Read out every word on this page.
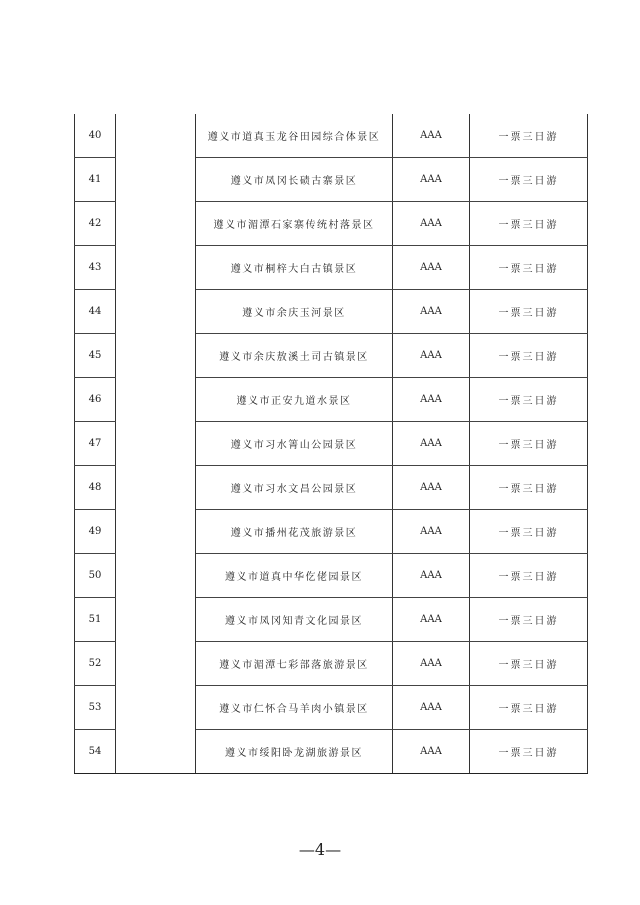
40		遵义市道真玉龙谷田园综合体景区	AAA	一票三日游
41		遵义市凤冈长碛古寨景区	AAA	一票三日游
42		遵义市湄潭石家寨传统村落景区	AAA	一票三日游
43		遵义市桐梓大白古镇景区	AAA	一票三日游
44		遵义市余庆玉河景区	AAA	一票三日游
45		遵义市余庆敖溪土司古镇景区	AAA	一票三日游
46		遵义市正安九道水景区	AAA	一票三日游
47		遵义市习水箐山公园景区	AAA	一票三日游
48		遵义市习水文昌公园景区	AAA	一票三日游
49		遵义市播州花茂旅游景区	AAA	一票三日游
50		遵义市道真中华仡佬园景区	AAA	一票三日游
51		遵义市凤冈知青文化园景区	AAA	一票三日游
52		遵义市湄潭七彩部落旅游景区	AAA	一票三日游
53		遵义市仁怀合马羊肉小镇景区	AAA	一票三日游
54		遵义市绥阳卧龙湖旅游景区	AAA	一票三日游
—4—
